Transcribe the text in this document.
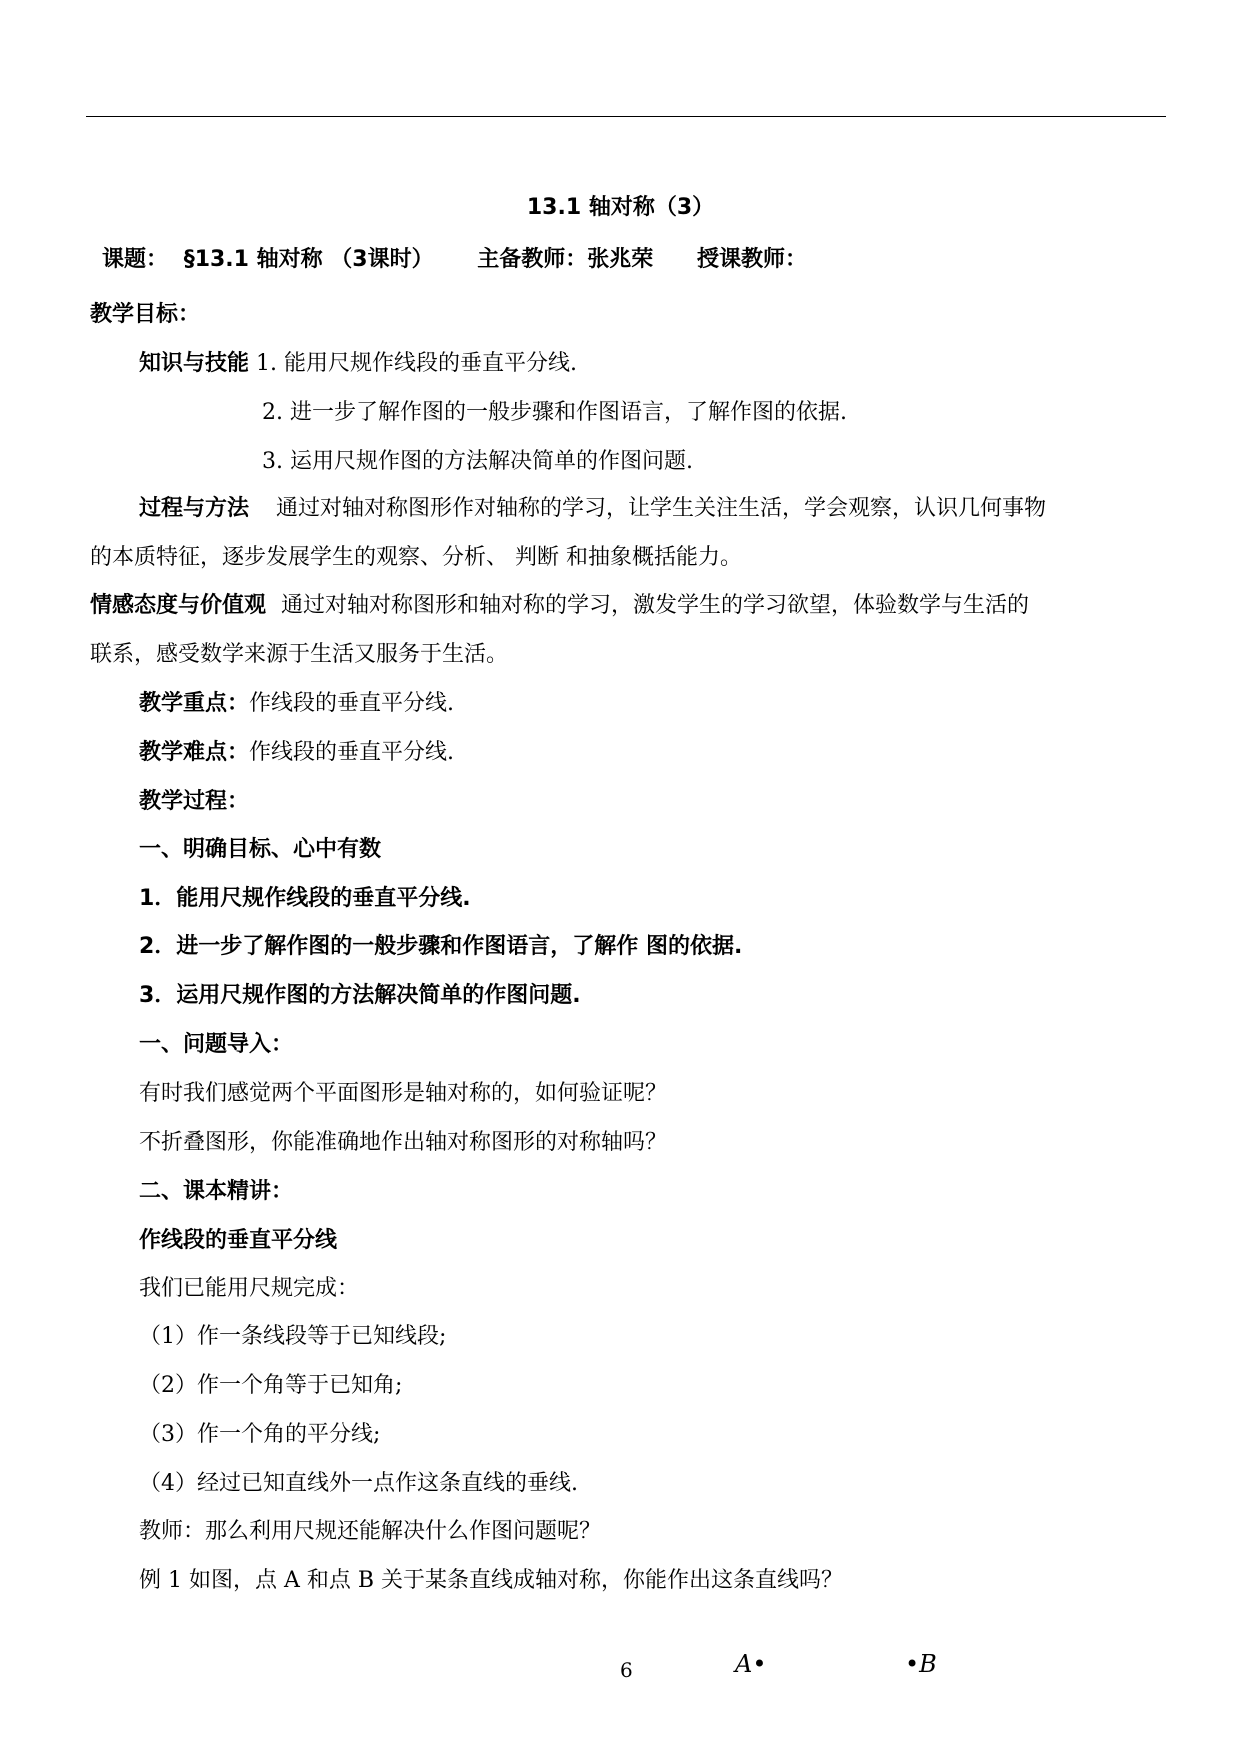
13.1 轴对称（3）
课题： §13.1 轴对称 （3课时） 主备教师：张兆荣 授课教师：
教学目标：
知识与技能 1. 能用尺规作线段的垂直平分线.
2. 进一步了解作图的一般步骤和作图语言，了解作图的依据.
3. 运用尺规作图的方法解决简单的作图问题.
过程与方法 通过对轴对称图形作对轴称的学习，让学生关注生活，学会观察，认识几何事物
的本质特征，逐步发展学生的观察、分析、 判断 和抽象概括能力。
情感态度与价值观 通过对轴对称图形和轴对称的学习，激发学生的学习欲望，体验数学与生活的
联系，感受数学来源于生活又服务于生活。
教学重点：作线段的垂直平分线.
教学难点：作线段的垂直平分线.
教学过程：
一、明确目标、心中有数
1．能用尺规作线段的垂直平分线.
2．进一步了解作图的一般步骤和作图语言，了解作 图的依据.
3．运用尺规作图的方法解决简单的作图问题.
一、问题导入：
有时我们感觉两个平面图形是轴对称的，如何验证呢？
不折叠图形，你能准确地作出轴对称图形的对称轴吗？
二、课本精讲：
作线段的垂直平分线
我们已能用尺规完成：
（1）作一条线段等于已知线段;
（2）作一个角等于已知角;
（3）作一个角的平分线;
（4）经过已知直线外一点作这条直线的垂线.
教师：那么利用尺规还能解决什么作图问题呢？
例 1 如图，点 A 和点 B 关于某条直线成轴对称，你能作出这条直线吗？
6	A•	•B
